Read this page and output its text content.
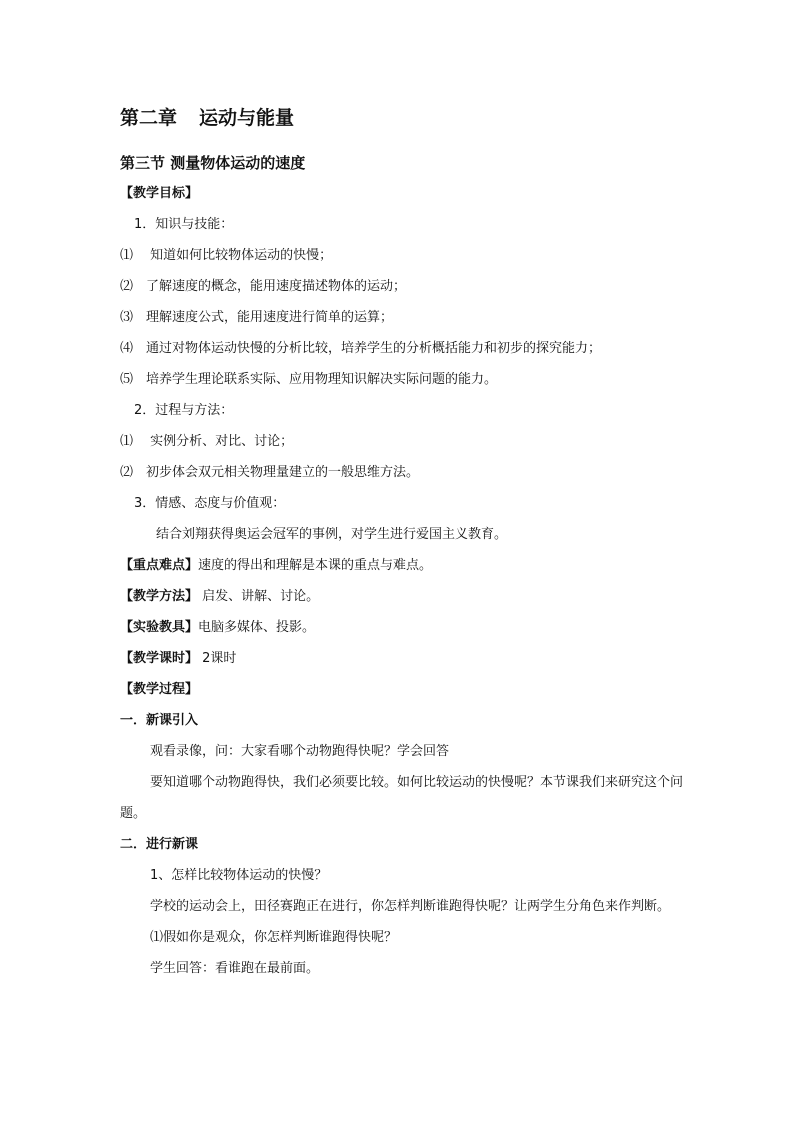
第二章 运动与能量
第三节 测量物体运动的速度
【教学目标】
1．知识与技能：
⑴ 知道如何比较物体运动的快慢；
⑵ 了解速度的概念，能用速度描述物体的运动；
⑶ 理解速度公式，能用速度进行简单的运算；
⑷ 通过对物体运动快慢的分析比较，培养学生的分析概括能力和初步的探究能力；
⑸ 培养学生理论联系实际、应用物理知识解决实际问题的能力。
2．过程与方法：
⑴ 实例分析、对比、讨论；
⑵ 初步体会双元相关物理量建立的一般思维方法。
3．情感、态度与价值观：
结合刘翔获得奥运会冠军的事例，对学生进行爱国主义教育。
【重点难点】速度的得出和理解是本课的重点与难点。
【教学方法】 启发、讲解、讨论。
【实验教具】电脑多媒体、投影。
【教学课时】 2课时
【教学过程】
一．新课引入
观看录像，问：大家看哪个动物跑得快呢？学会回答
要知道哪个动物跑得快，我们必须要比较。如何比较运动的快慢呢？本节课我们来研究这个问题。
二．进行新课
1、怎样比较物体运动的快慢？
学校的运动会上，田径赛跑正在进行，你怎样判断谁跑得快呢？让两学生分角色来作判断。
⑴假如你是观众，你怎样判断谁跑得快呢？
学生回答：看谁跑在最前面。
